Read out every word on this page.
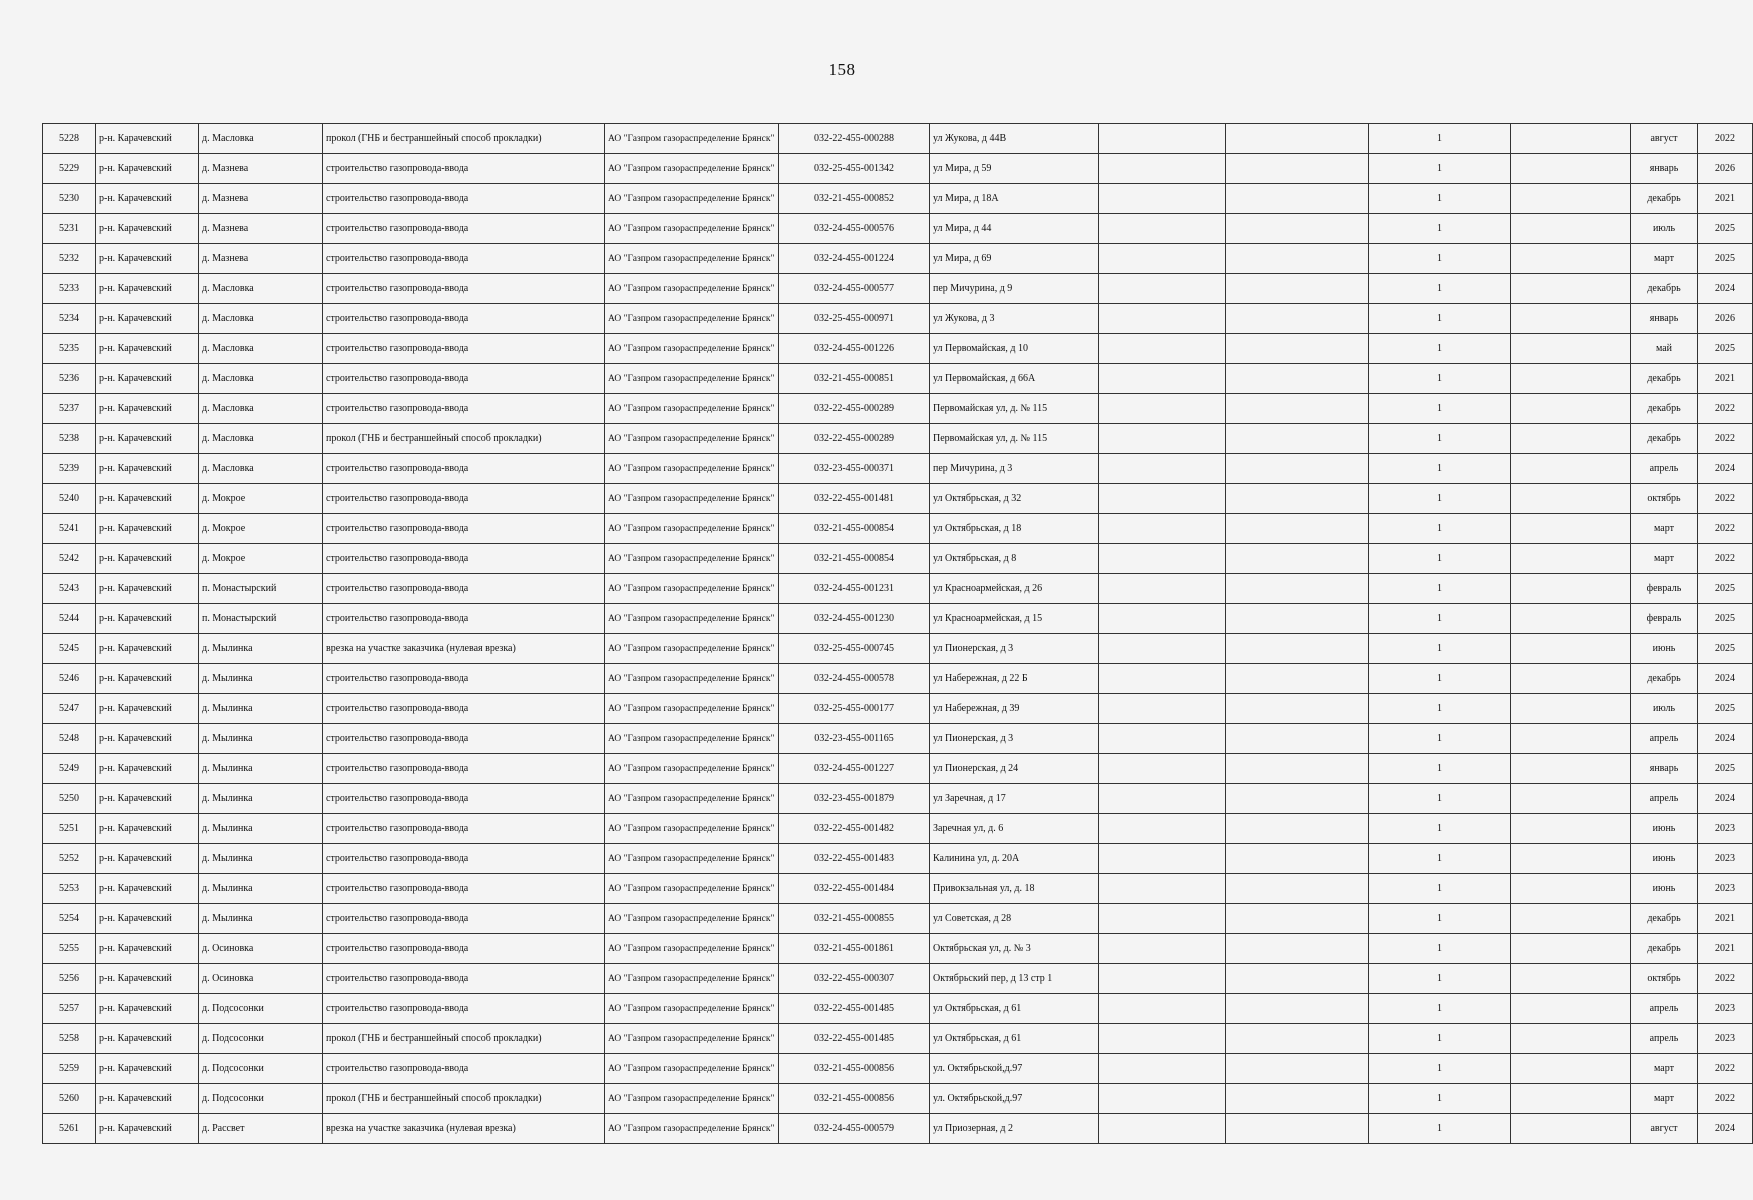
158
5228	р-н. Карачевский	д. Масловка	прокол (ГНБ и бестраншейный способ прокладки)	АО "Газпром газораспределение Брянск"	032-22-455-000288	ул Жукова, д 44В			1		август	2022
5229	р-н. Карачевский	д. Мазнева	строительство газопровода-ввода	АО "Газпром газораспределение Брянск"	032-25-455-001342	ул Мира, д 59			1		январь	2026
5230	р-н. Карачевский	д. Мазнева	строительство газопровода-ввода	АО "Газпром газораспределение Брянск"	032-21-455-000852	ул Мира, д 18А			1		декабрь	2021
5231	р-н. Карачевский	д. Мазнева	строительство газопровода-ввода	АО "Газпром газораспределение Брянск"	032-24-455-000576	ул Мира, д 44			1		июль	2025
5232	р-н. Карачевский	д. Мазнева	строительство газопровода-ввода	АО "Газпром газораспределение Брянск"	032-24-455-001224	ул Мира, д 69			1		март	2025
5233	р-н. Карачевский	д. Масловка	строительство газопровода-ввода	АО "Газпром газораспределение Брянск"	032-24-455-000577	пер Мичурина, д 9			1		декабрь	2024
5234	р-н. Карачевский	д. Масловка	строительство газопровода-ввода	АО "Газпром газораспределение Брянск"	032-25-455-000971	ул Жукова, д 3			1		январь	2026
5235	р-н. Карачевский	д. Масловка	строительство газопровода-ввода	АО "Газпром газораспределение Брянск"	032-24-455-001226	ул Первомайская, д 10			1		май	2025
5236	р-н. Карачевский	д. Масловка	строительство газопровода-ввода	АО "Газпром газораспределение Брянск"	032-21-455-000851	ул Первомайская, д 66А			1		декабрь	2021
5237	р-н. Карачевский	д. Масловка	строительство газопровода-ввода	АО "Газпром газораспределение Брянск"	032-22-455-000289	Первомайская ул, д. № 115			1		декабрь	2022
5238	р-н. Карачевский	д. Масловка	прокол (ГНБ и бестраншейный способ прокладки)	АО "Газпром газораспределение Брянск"	032-22-455-000289	Первомайская ул, д. № 115			1		декабрь	2022
5239	р-н. Карачевский	д. Масловка	строительство газопровода-ввода	АО "Газпром газораспределение Брянск"	032-23-455-000371	пер Мичурина, д 3			1		апрель	2024
5240	р-н. Карачевский	д. Мокрое	строительство газопровода-ввода	АО "Газпром газораспределение Брянск"	032-22-455-001481	ул Октябрьская, д 32			1		октябрь	2022
5241	р-н. Карачевский	д. Мокрое	строительство газопровода-ввода	АО "Газпром газораспределение Брянск"	032-21-455-000854	ул Октябрьская, д 18			1		март	2022
5242	р-н. Карачевский	д. Мокрое	строительство газопровода-ввода	АО "Газпром газораспределение Брянск"	032-21-455-000854	ул Октябрьская, д 8			1		март	2022
5243	р-н. Карачевский	п. Монастырский	строительство газопровода-ввода	АО "Газпром газораспределение Брянск"	032-24-455-001231	ул Красноармейская, д 26			1		февраль	2025
5244	р-н. Карачевский	п. Монастырский	строительство газопровода-ввода	АО "Газпром газораспределение Брянск"	032-24-455-001230	ул Красноармейская, д 15			1		февраль	2025
5245	р-н. Карачевский	д. Мылинка	врезка на участке заказчика (нулевая врезка)	АО "Газпром газораспределение Брянск"	032-25-455-000745	ул Пионерская, д 3			1		июнь	2025
5246	р-н. Карачевский	д. Мылинка	строительство газопровода-ввода	АО "Газпром газораспределение Брянск"	032-24-455-000578	ул Набережная, д 22 Б			1		декабрь	2024
5247	р-н. Карачевский	д. Мылинка	строительство газопровода-ввода	АО "Газпром газораспределение Брянск"	032-25-455-000177	ул Набережная, д 39			1		июль	2025
5248	р-н. Карачевский	д. Мылинка	строительство газопровода-ввода	АО "Газпром газораспределение Брянск"	032-23-455-001165	ул Пионерская, д 3			1		апрель	2024
5249	р-н. Карачевский	д. Мылинка	строительство газопровода-ввода	АО "Газпром газораспределение Брянск"	032-24-455-001227	ул Пионерская, д 24			1		январь	2025
5250	р-н. Карачевский	д. Мылинка	строительство газопровода-ввода	АО "Газпром газораспределение Брянск"	032-23-455-001879	ул Заречная, д 17			1		апрель	2024
5251	р-н. Карачевский	д. Мылинка	строительство газопровода-ввода	АО "Газпром газораспределение Брянск"	032-22-455-001482	Заречная ул, д. 6			1		июнь	2023
5252	р-н. Карачевский	д. Мылинка	строительство газопровода-ввода	АО "Газпром газораспределение Брянск"	032-22-455-001483	Калинина ул, д. 20А			1		июнь	2023
5253	р-н. Карачевский	д. Мылинка	строительство газопровода-ввода	АО "Газпром газораспределение Брянск"	032-22-455-001484	Привокзальная ул, д. 18			1		июнь	2023
5254	р-н. Карачевский	д. Мылинка	строительство газопровода-ввода	АО "Газпром газораспределение Брянск"	032-21-455-000855	ул Советская, д 28			1		декабрь	2021
5255	р-н. Карачевский	д. Осиновка	строительство газопровода-ввода	АО "Газпром газораспределение Брянск"	032-21-455-001861	Октябрьская ул, д. № 3			1		декабрь	2021
5256	р-н. Карачевский	д. Осиновка	строительство газопровода-ввода	АО "Газпром газораспределение Брянск"	032-22-455-000307	Октябрьский пер, д 13 стр 1			1		октябрь	2022
5257	р-н. Карачевский	д. Подсосонки	строительство газопровода-ввода	АО "Газпром газораспределение Брянск"	032-22-455-001485	ул Октябрьская, д 61			1		апрель	2023
5258	р-н. Карачевский	д. Подсосонки	прокол (ГНБ и бестраншейный способ прокладки)	АО "Газпром газораспределение Брянск"	032-22-455-001485	ул Октябрьская, д 61			1		апрель	2023
5259	р-н. Карачевский	д. Подсосонки	строительство газопровода-ввода	АО "Газпром газораспределение Брянск"	032-21-455-000856	ул. Октябрьской,д.97			1		март	2022
5260	р-н. Карачевский	д. Подсосонки	прокол (ГНБ и бестраншейный способ прокладки)	АО "Газпром газораспределение Брянск"	032-21-455-000856	ул. Октябрьской,д.97			1		март	2022
5261	р-н. Карачевский	д. Рассвет	врезка на участке заказчика (нулевая врезка)	АО "Газпром газораспределение Брянск"	032-24-455-000579	ул Приозерная, д 2			1		август	2024
